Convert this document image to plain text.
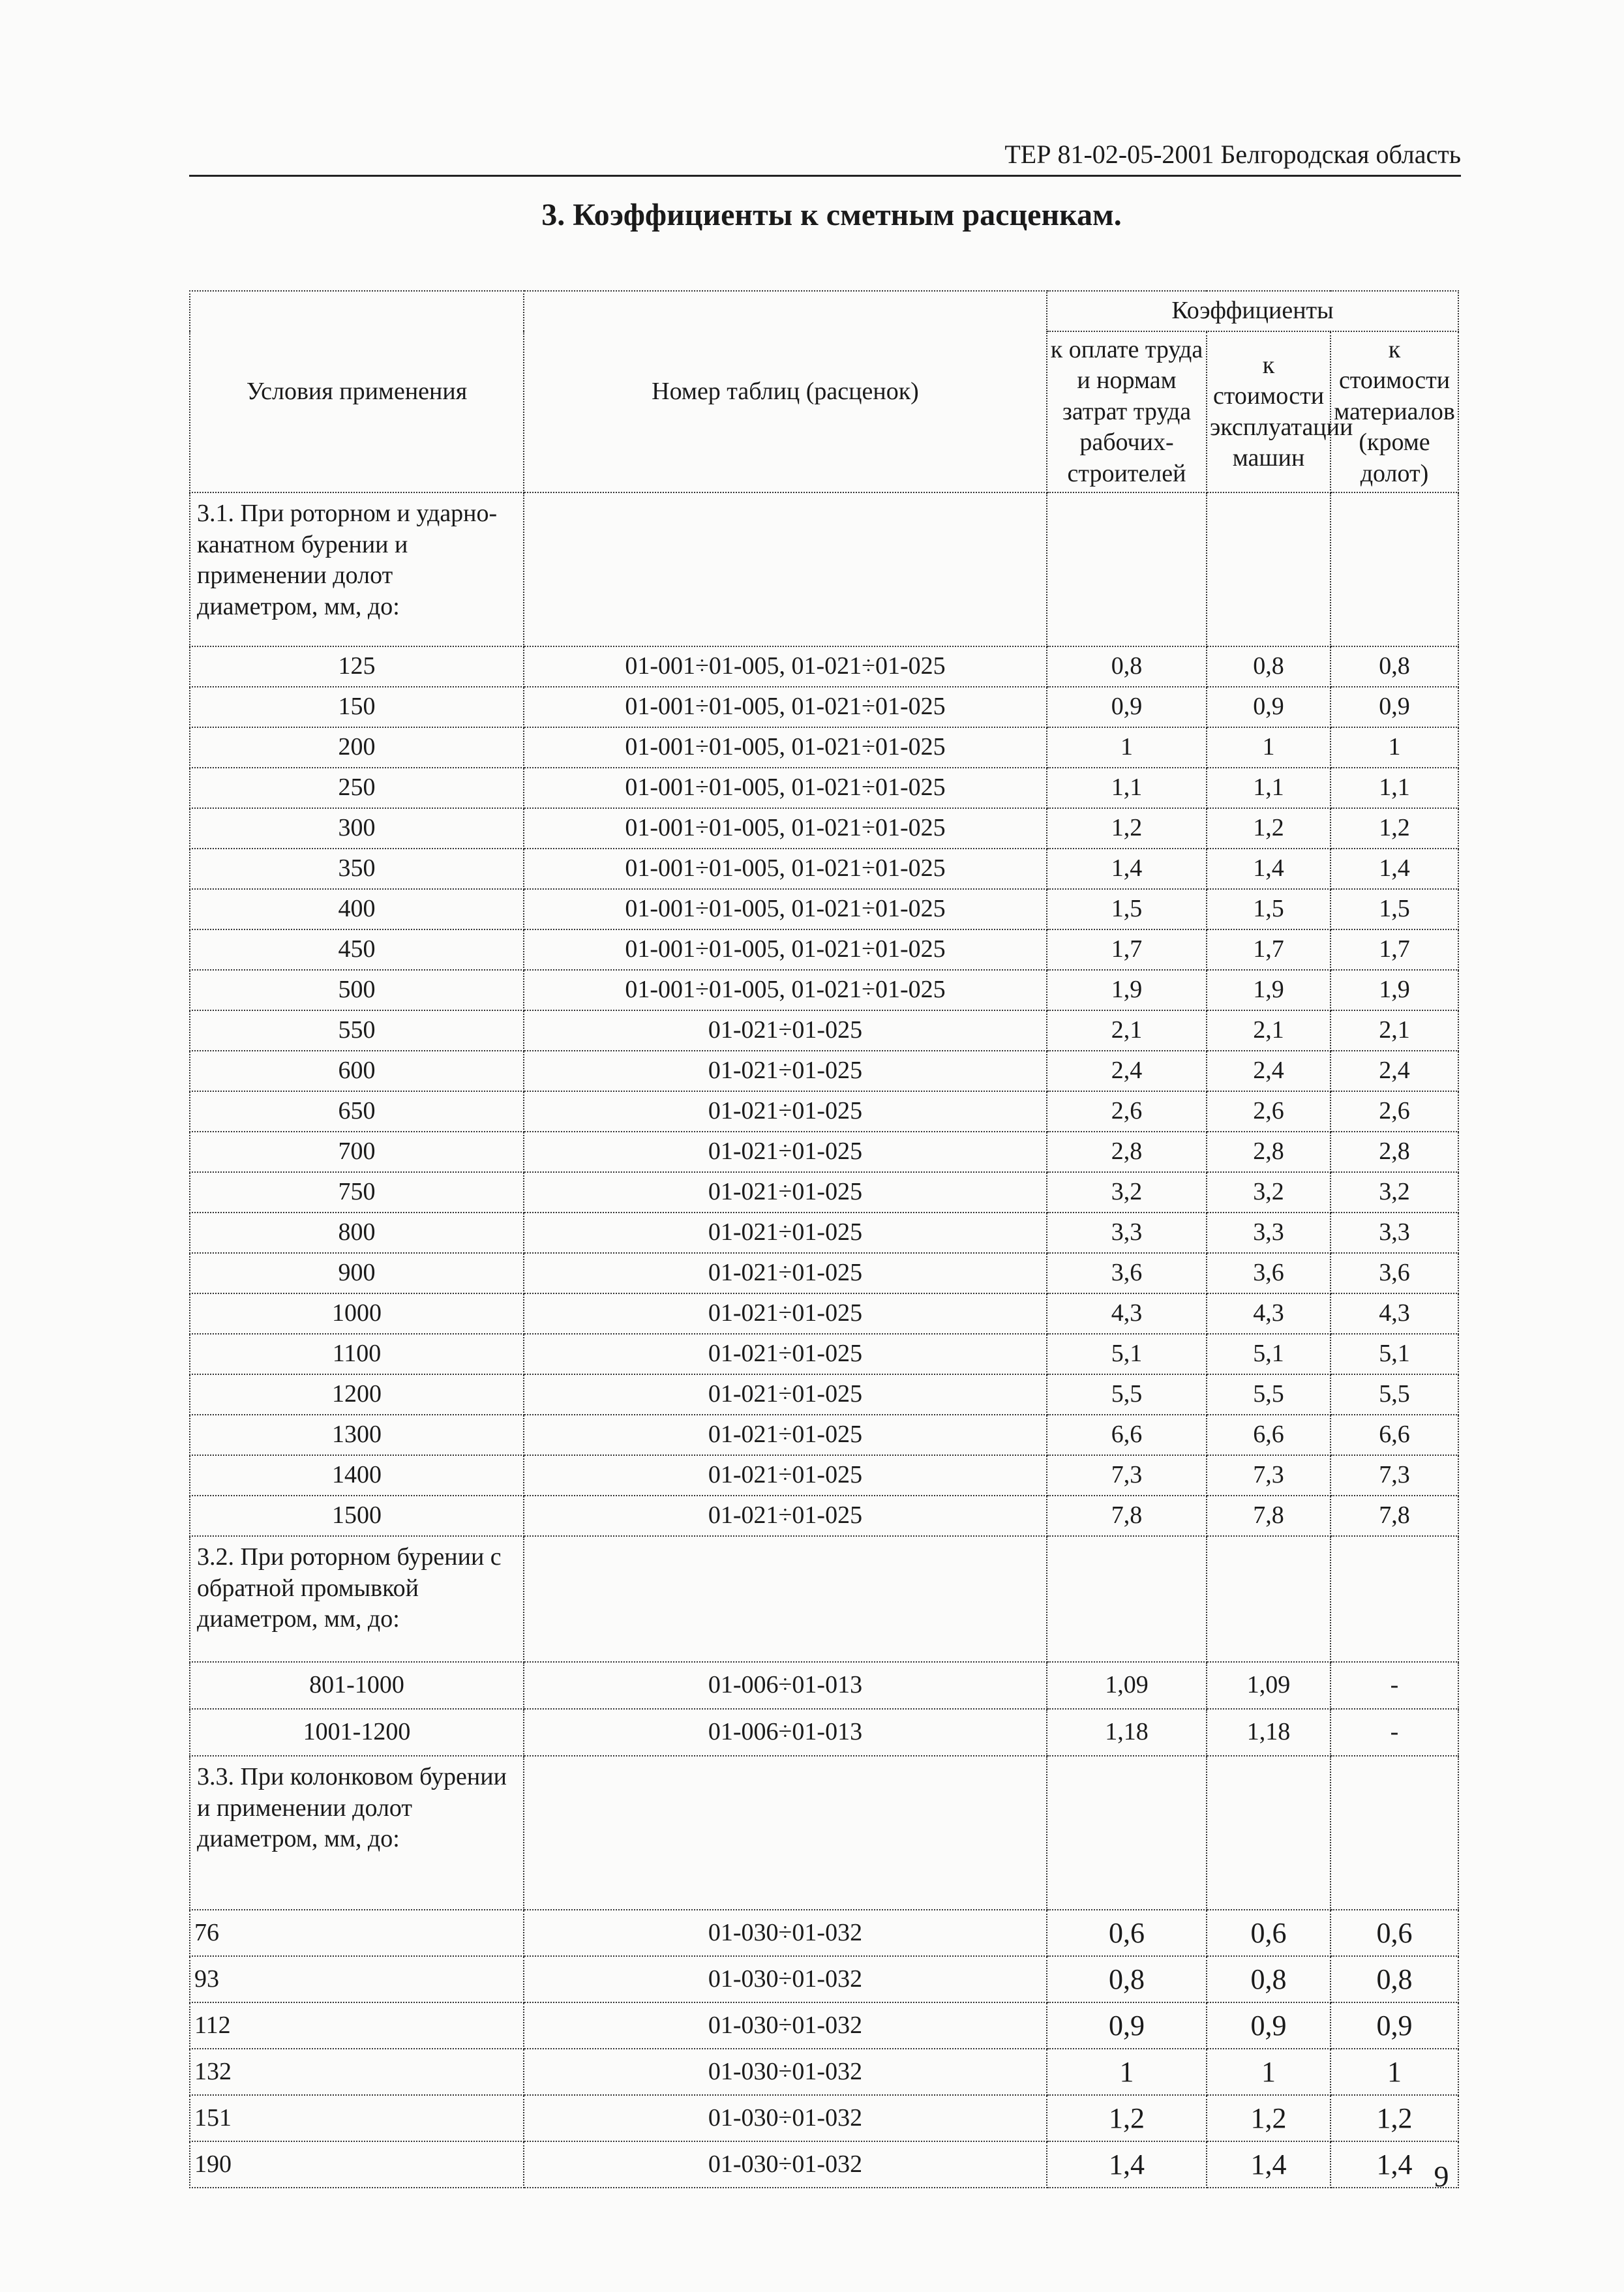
ТЕР 81-02-05-2001 Белгородская область
3. Коэффициенты к сметным расценкам.
Условия применения	Номер таблиц (расценок)	Коэффициенты		
		к оплате труда и нормам затрат труда рабочих-строителей	к стоимости эксплуатации машин	к стоимости материалов (кроме долот)
3.1. При роторном и ударно-канатном бурении и применении долот диаметром, мм, до:				
125	01-001÷01-005, 01-021÷01-025	0,8	0,8	0,8
150	01-001÷01-005, 01-021÷01-025	0,9	0,9	0,9
200	01-001÷01-005, 01-021÷01-025	1	1	1
250	01-001÷01-005, 01-021÷01-025	1,1	1,1	1,1
300	01-001÷01-005, 01-021÷01-025	1,2	1,2	1,2
350	01-001÷01-005, 01-021÷01-025	1,4	1,4	1,4
400	01-001÷01-005, 01-021÷01-025	1,5	1,5	1,5
450	01-001÷01-005, 01-021÷01-025	1,7	1,7	1,7
500	01-001÷01-005, 01-021÷01-025	1,9	1,9	1,9
550	01-021÷01-025	2,1	2,1	2,1
600	01-021÷01-025	2,4	2,4	2,4
650	01-021÷01-025	2,6	2,6	2,6
700	01-021÷01-025	2,8	2,8	2,8
750	01-021÷01-025	3,2	3,2	3,2
800	01-021÷01-025	3,3	3,3	3,3
900	01-021÷01-025	3,6	3,6	3,6
1000	01-021÷01-025	4,3	4,3	4,3
1100	01-021÷01-025	5,1	5,1	5,1
1200	01-021÷01-025	5,5	5,5	5,5
1300	01-021÷01-025	6,6	6,6	6,6
1400	01-021÷01-025	7,3	7,3	7,3
1500	01-021÷01-025	7,8	7,8	7,8
3.2. При роторном бурении с обратной промывкой диаметром, мм, до:				
801-1000	01-006÷01-013	1,09	1,09	-
1001-1200	01-006÷01-013	1,18	1,18	-
3.3. При колонковом бурении и применении долот диаметром, мм, до:				
76	01-030÷01-032	0,6	0,6	0,6
93	01-030÷01-032	0,8	0,8	0,8
112	01-030÷01-032	0,9	0,9	0,9
132	01-030÷01-032	1	1	1
151	01-030÷01-032	1,2	1,2	1,2
190	01-030÷01-032	1,4	1,4	1,4 9
